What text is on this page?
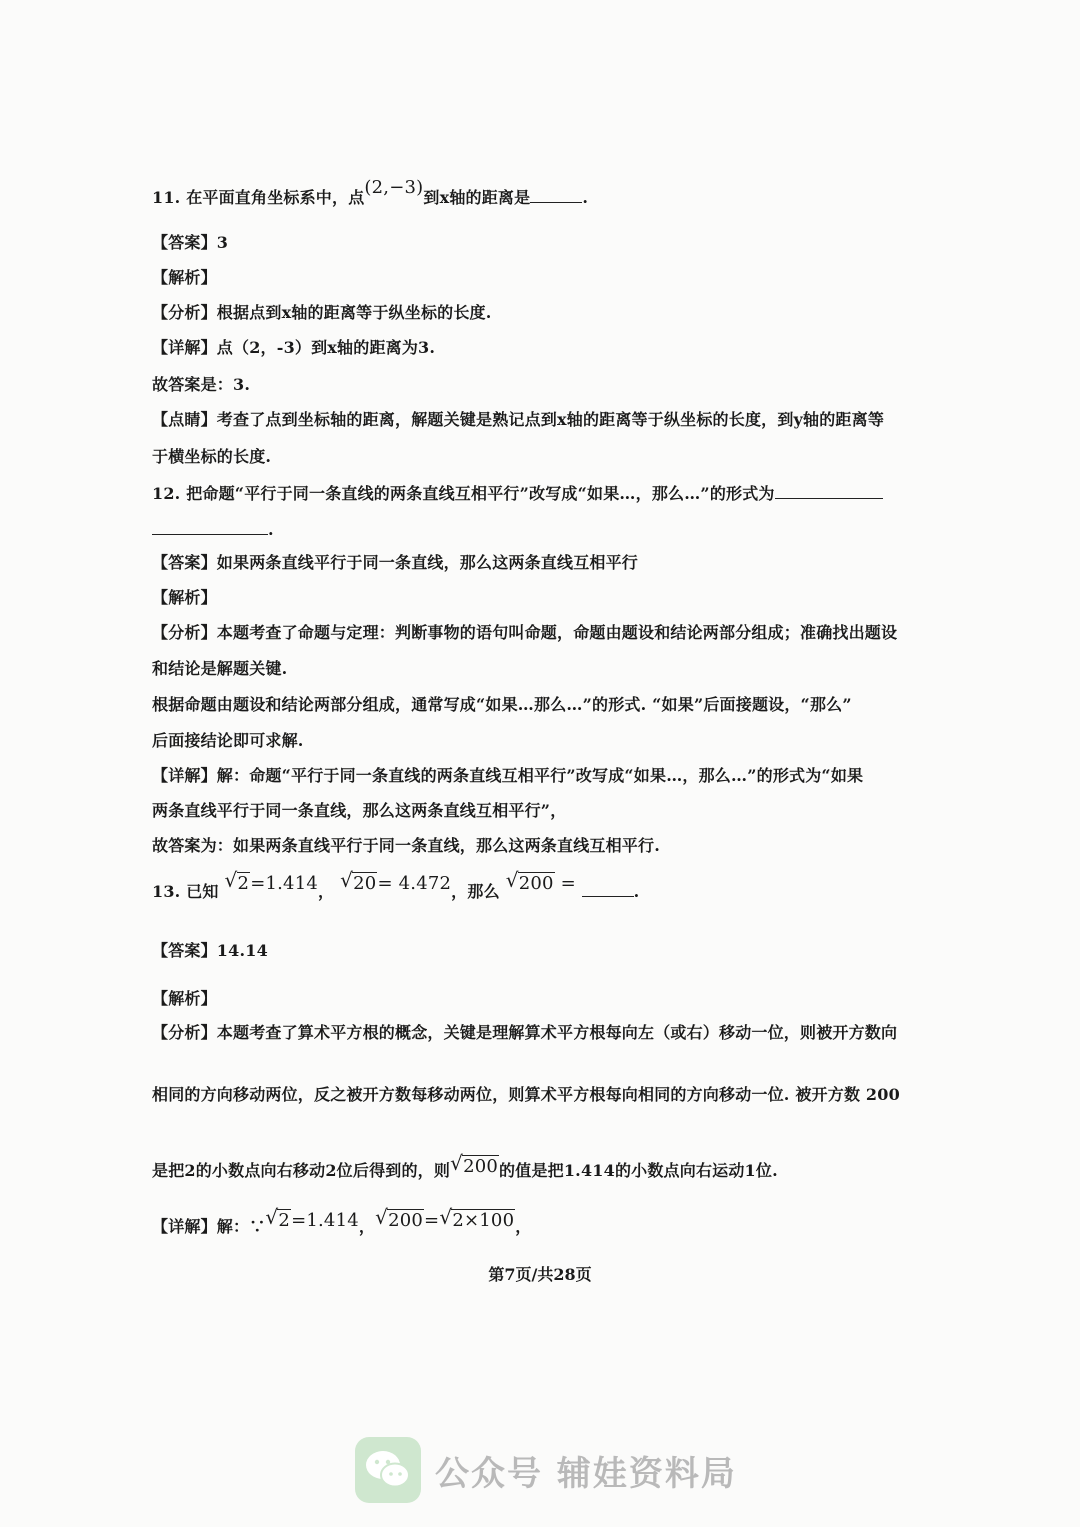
11. 在平面直角坐标系中，点(2,−3)到x轴的距离是	.
【答案】3
【解析】
【分析】根据点到x轴的距离等于纵坐标的长度.
【详解】点（2，-3）到x轴的距离为3.
故答案是：3.
【点睛】考查了点到坐标轴的距离，解题关键是熟记点到x轴的距离等于纵坐标的长度，到y轴的距离等
于横坐标的长度.
12. 把命题“平行于同一条直线的两条直线互相平行”改写成“如果…，那么…”的形式为
.
【答案】如果两条直线平行于同一条直线，那么这两条直线互相平行
【解析】
【分析】本题考查了命题与定理：判断事物的语句叫命题，命题由题设和结论两部分组成；准确找出题设
和结论是解题关键.
根据命题由题设和结论两部分组成，通常写成“如果…那么…”的形式. “如果”后面接题设，“那么”
后面接结论即可求解.
【详解】解：命题“平行于同一条直线的两条直线互相平行”改写成“如果…，那么…”的形式为“如果
两条直线平行于同一条直线，那么这两条直线互相平行”，
故答案为：如果两条直线平行于同一条直线，那么这两条直线互相平行.
13. 已知 √ 2=1.414， √ 20= 4.472，那么 √ 200 =	.
【答案】14.14
【解析】
【分析】本题考查了算术平方根的概念，关键是理解算术平方根每向左（或右）移动一位，则被开方数向
相同的方向移动两位，反之被开方数每移动两位，则算术平方根每向相同的方向移动一位. 被开方数 200
是把2的小数点向右移动2位后得到的，则 √ 200的值是把1.414的小数点向右运动1位.
【详解】解：∵ √ 2=1.414， √ 200= √ 2×100，
第7页/共28页
公众号 辅娃资料局
